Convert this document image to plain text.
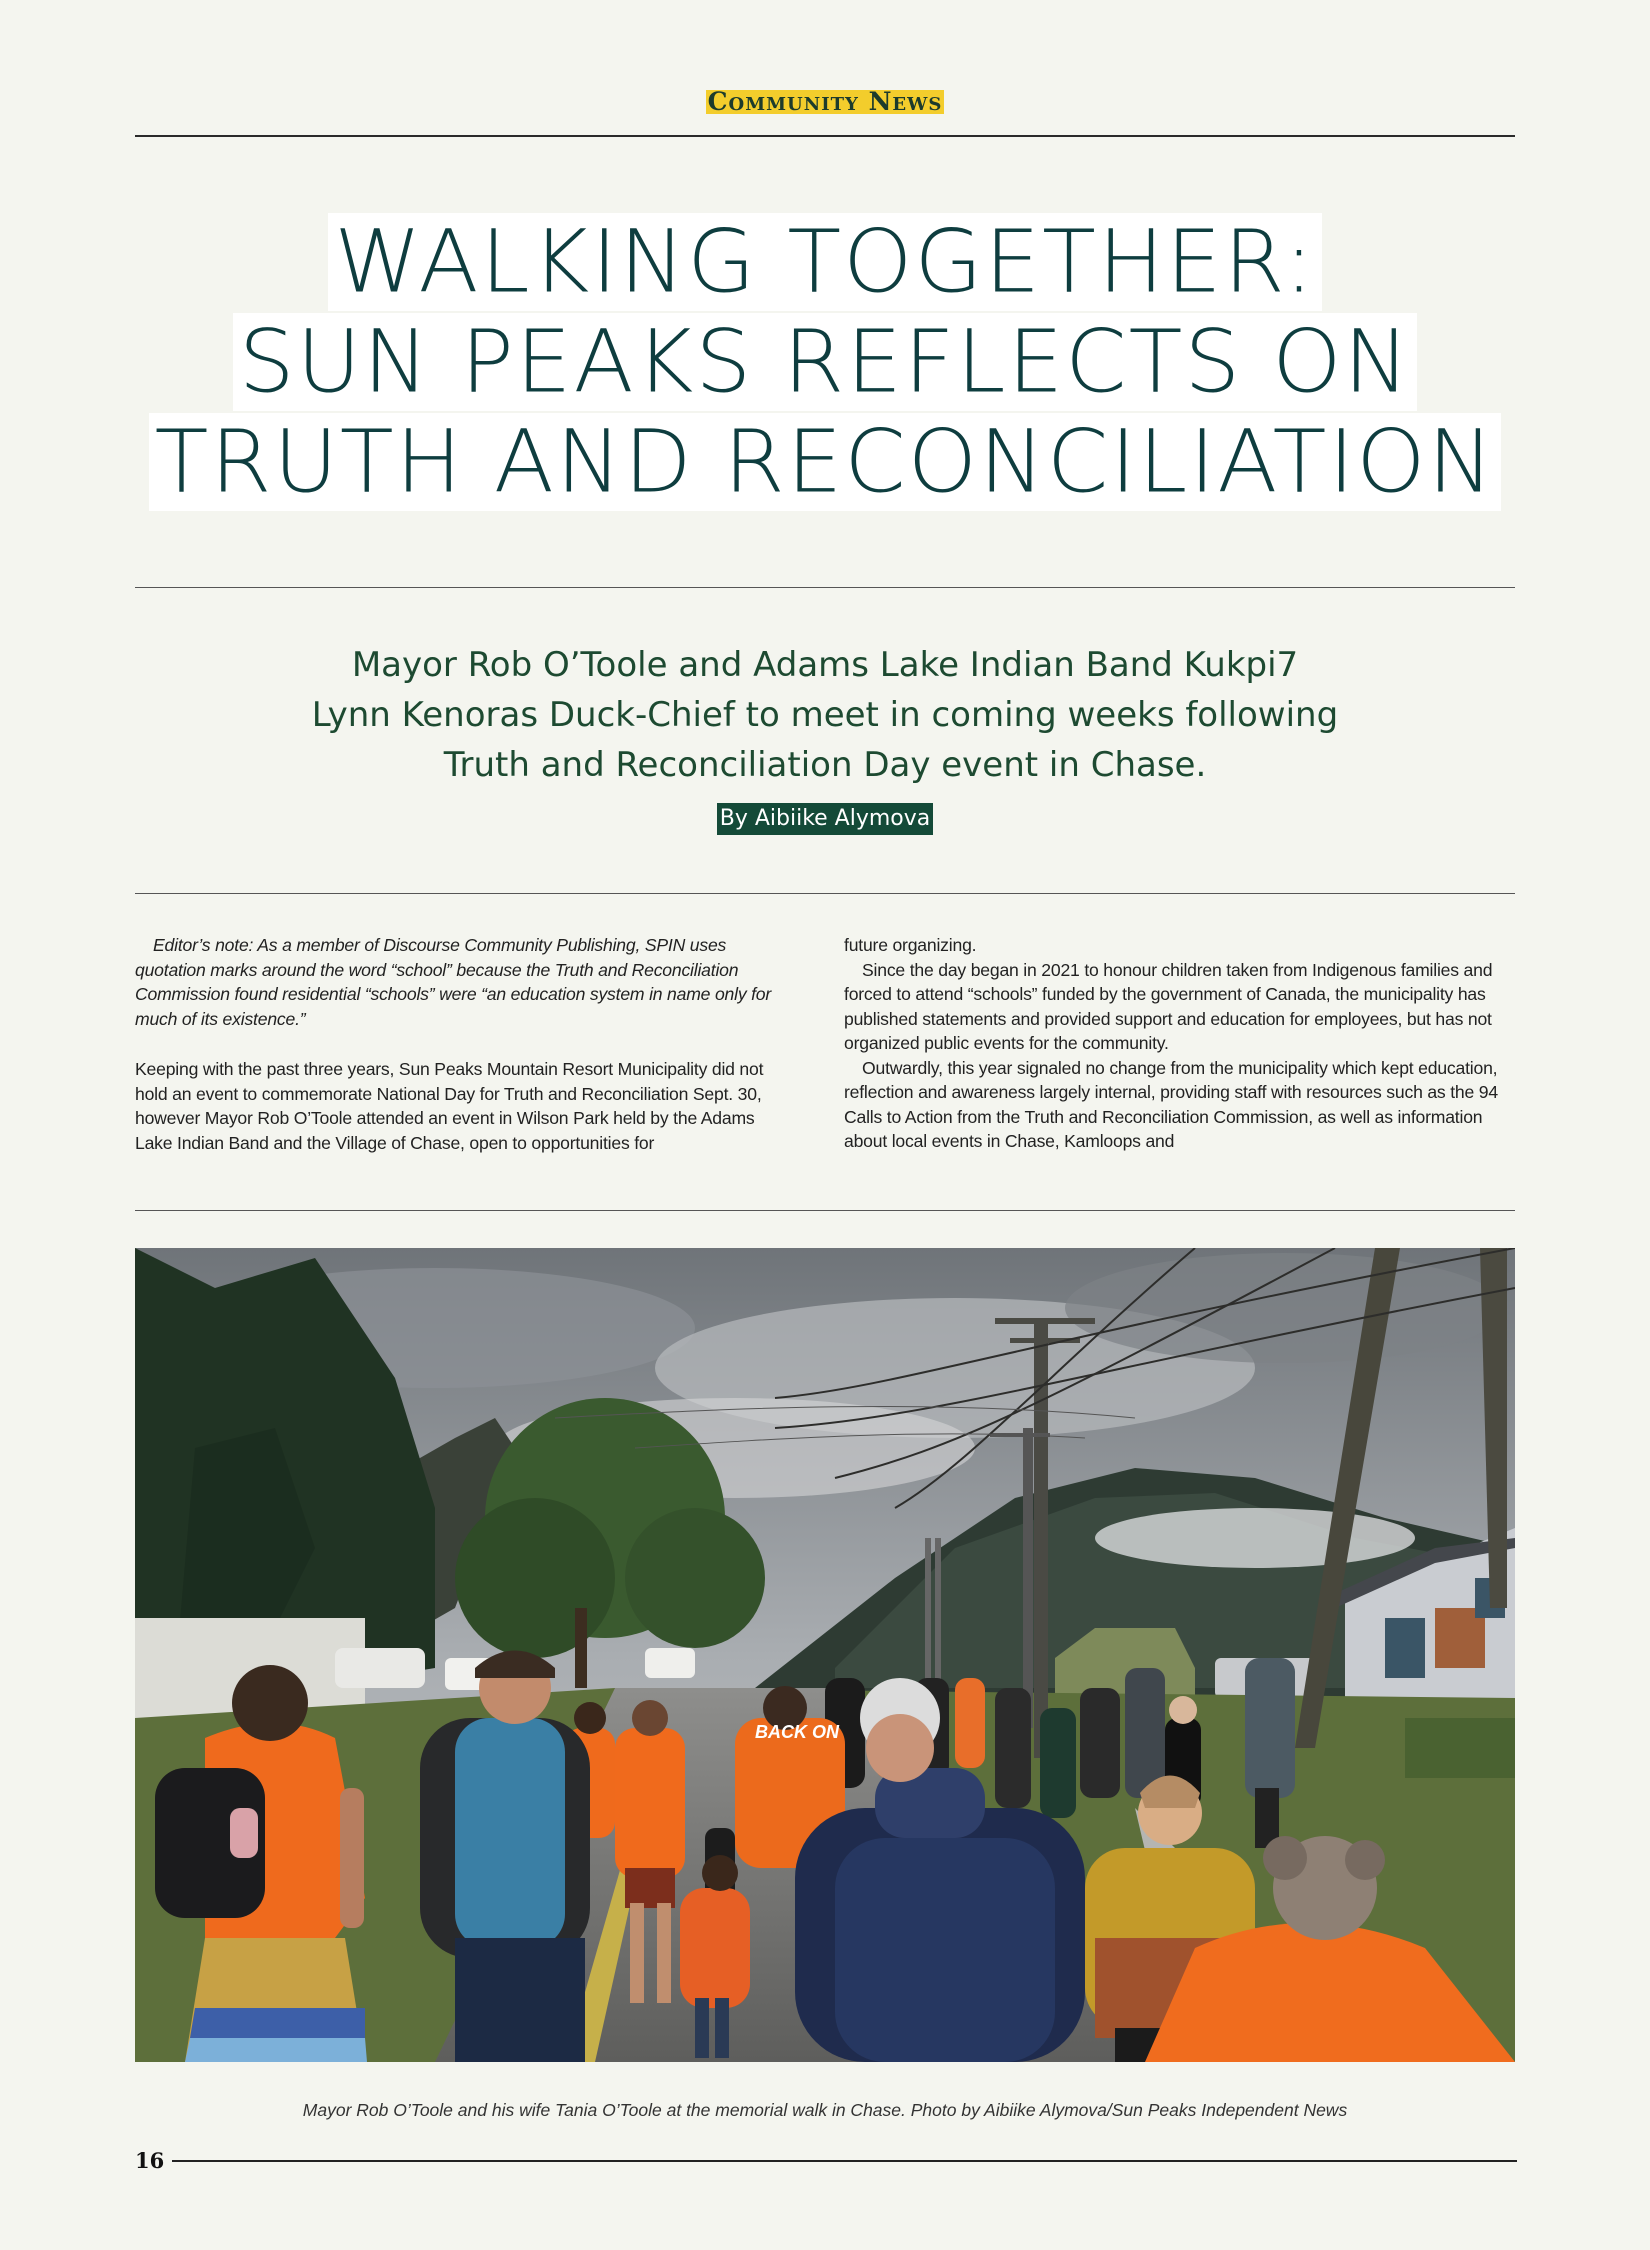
Community News
WALKING TOGETHER:
SUN PEAKS REFLECTS ON
TRUTH AND RECONCILIATION
Mayor Rob O’Toole and Adams Lake Indian Band Kukpi7
Lynn Kenoras Duck-Chief to meet in coming weeks following
Truth and Reconciliation Day event in Chase.
By Aibiike Alymova

Editor’s note: As a member of Discourse Community Publishing, SPIN uses quotation marks around the word “school” because the Truth and Reconciliation Commission found residential “schools” were “an education system in name only for much of its existence.”

Keeping with the past three years, Sun Peaks Mountain Resort Municipality did not hold an event to commemorate National Day for Truth and Reconciliation Sept. 30, however Mayor Rob O’Toole attended an event in Wilson Park held by the Adams Lake Indian Band and the Village of Chase, open to opportunities for

future organizing.

Since the day began in 2021 to honour children taken from Indigenous families and forced to attend “schools” funded by the government of Canada, the municipality has published statements and provided support and education for employees, but has not organized public events for the community.

Outwardly, this year signaled no change from the municipality which kept education, reflection and awareness largely internal, providing staff with resources such as the 94 Calls to Action from the Truth and Reconciliation Commission, as well as information about local events in Chase, Kamloops and

BACK ON
Mayor Rob O’Toole and his wife Tania O’Toole at the memorial walk in Chase. Photo by Aibiike Alymova/Sun Peaks Independent News
16
